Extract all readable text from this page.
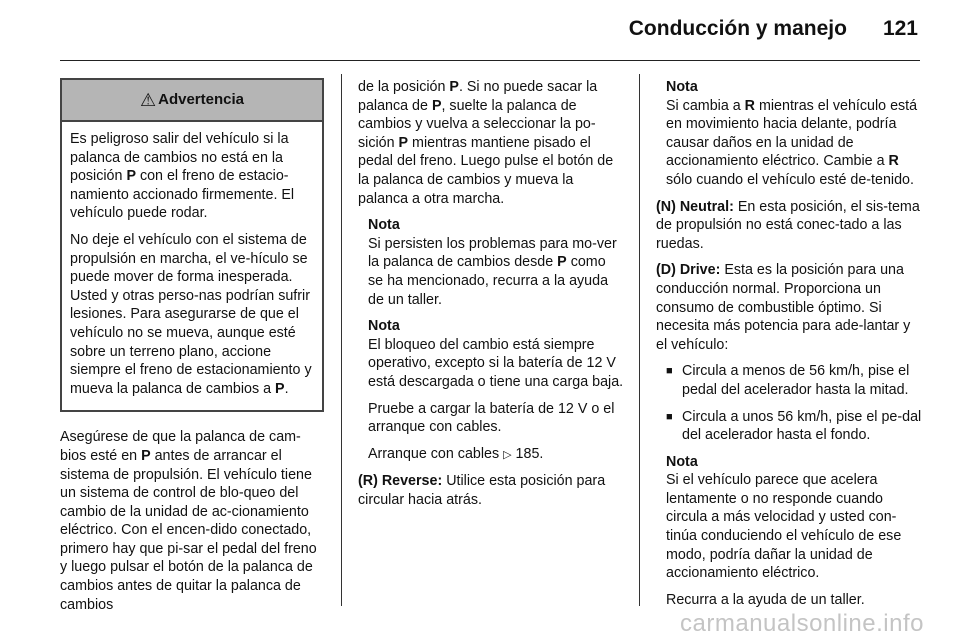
Conducción y manejo 121
⚠ Advertencia

Es peligroso salir del vehículo si la palanca de cambios no está en la posición P con el freno de estacio-namiento accionado firmemente. El vehículo puede rodar.

No deje el vehículo con el sistema de propulsión en marcha, el ve-hículo se puede mover de forma inesperada. Usted y otras perso-nas podrían sufrir lesiones. Para asegurarse de que el vehículo no se mueva, aunque esté sobre un terreno plano, accione siempre el freno de estacionamiento y mueva la palanca de cambios a P.

Asegúrese de que la palanca de cam-bios esté en P antes de arrancar el sistema de propulsión. El vehículo tiene un sistema de control de blo-queo del cambio de la unidad de ac-cionamiento eléctrico. Con el encen-dido conectado, primero hay que pi-sar el pedal del freno y luego pulsar el botón de la palanca de cambios antes de quitar la palanca de cambios

de la posición P. Si no puede sacar la palanca de P, suelte la palanca de cambios y vuelva a seleccionar la po-sición P mientras mantiene pisado el pedal del freno. Luego pulse el botón de la palanca de cambios y mueva la palanca a otra marcha.

Nota
Si persisten los problemas para mo-ver la palanca de cambios desde P como se ha mencionado, recurra a la ayuda de un taller.
Nota

El bloqueo del cambio está siempre operativo, excepto si la batería de 12 V está descargada o tiene una carga baja.

Pruebe a cargar la batería de 12 V o el arranque con cables.

Arranque con cables ▷ 185.

(R) Reverse: Utilice esta posición para circular hacia atrás.

Nota
Si cambia a R mientras el vehículo está en movimiento hacia delante, podría causar daños en la unidad de accionamiento eléctrico. Cambie a R sólo cuando el vehículo esté de-tenido.

(N) Neutral: En esta posición, el sis-tema de propulsión no está conec-tado a las ruedas.

(D) Drive: Esta es la posición para una conducción normal. Proporciona un consumo de combustible óptimo. Si necesita más potencia para ade-lantar y el vehículo:

■ Circula a menos de 56 km/h, pise el pedal del acelerador hasta la mitad.
■ Circula a unos 56 km/h, pise el pe-dal del acelerador hasta el fondo.
Nota

Si el vehículo parece que acelera lentamente o no responde cuando circula a más velocidad y usted con-tinúa conduciendo el vehículo de ese modo, podría dañar la unidad de accionamiento eléctrico.

Recurra a la ayuda de un taller.

carmanualsonline.info
